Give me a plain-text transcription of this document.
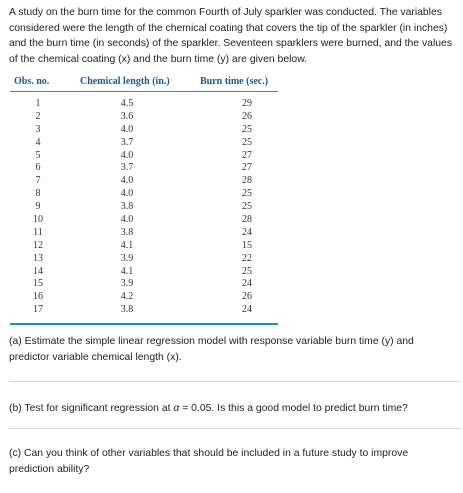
A study on the burn time for the common Fourth of July sparkler was conducted. The variables considered were the length of the chemical coating that covers the tip of the sparkler (in inches) and the burn time (in seconds) of the sparkler. Seventeen sparklers were burned, and the values of the chemical coating (x) and the burn time (y) are given below.
Obs. no.	Chemical length (in.)	Burn time (sec.)
1	4.5	29
2	3.6	26
3	4.0	25
4	3.7	25
5	4.0	27
6	3.7	27
7	4.0	28
8	4.0	25
9	3.8	25
10	4.0	28
11	3.8	24
12	4.1	15
13	3.9	22
14	4.1	25
15	3.9	24
16	4.2	26
17	3.8	24
(a) Estimate the simple linear regression model with response variable burn time (y) and predictor variable chemical length (x).
(b) Test for significant regression at α = 0.05. Is this a good model to predict burn time?
(c) Can you think of other variables that should be included in a future study to improve prediction ability?
